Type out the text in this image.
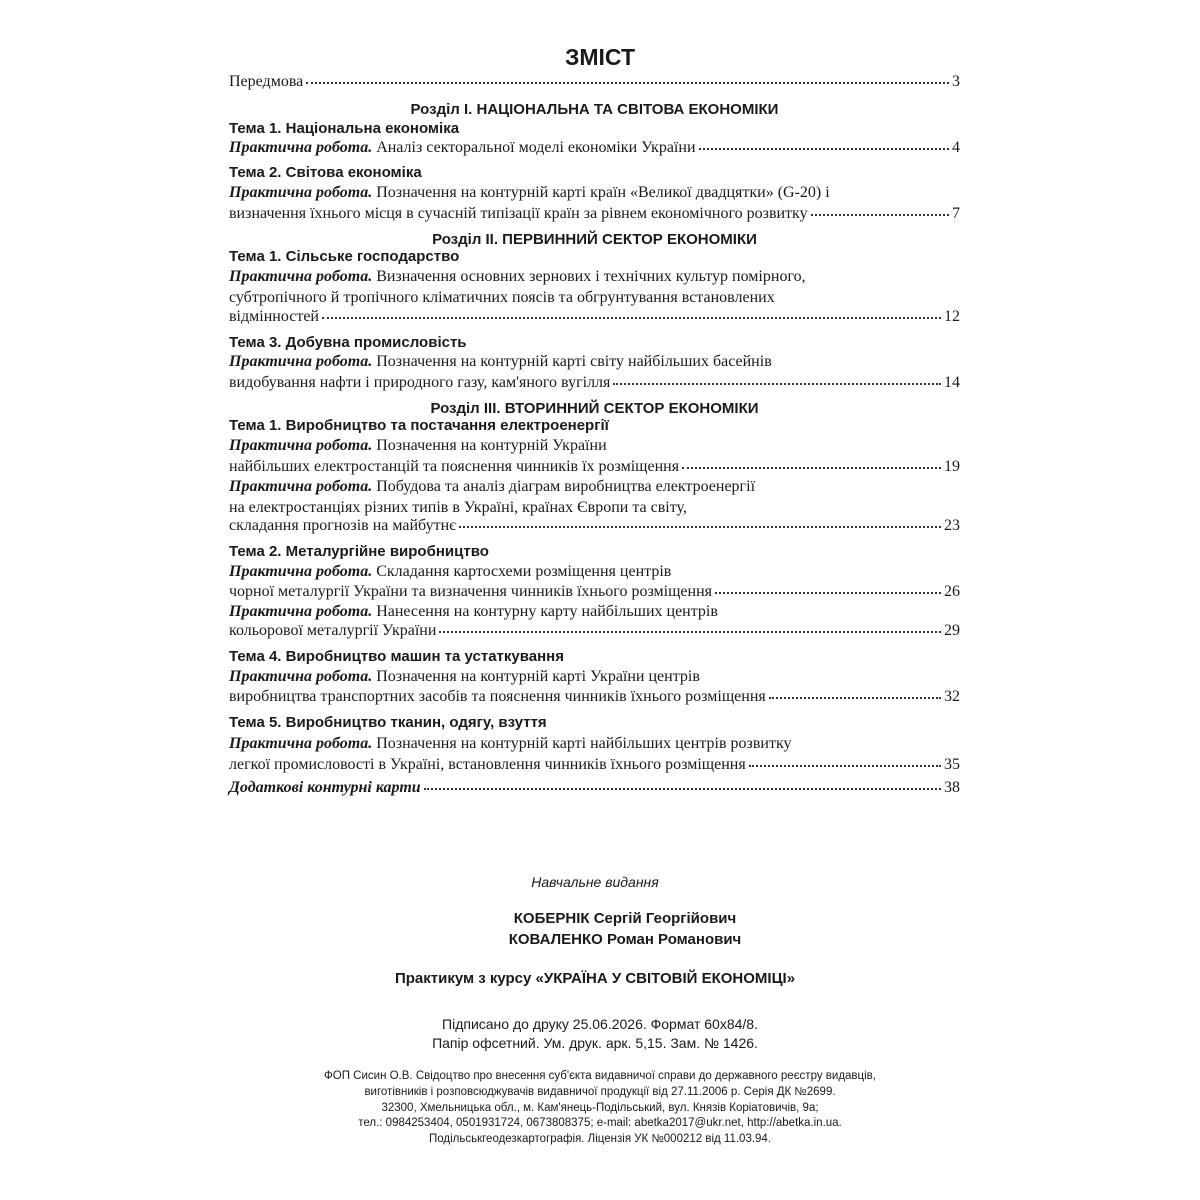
ЗМІСТ
Передмова	3
Розділ І. НАЦІОНАЛЬНА ТА СВІТОВА ЕКОНОМІКИ
Тема 1. Національна економіка
Практична робота. Аналіз секторальної моделі економіки України	4
Тема 2. Світова економіка
Практична робота. Позначення на контурній карті країн «Великої двадцятки» (G-20) і
визначення їхнього місця в сучасній типізації країн за рівнем економічного розвитку	7
Розділ II. ПЕРВИННИЙ СЕКТОР ЕКОНОМІКИ
Тема 1. Сільське господарство
Практична робота. Визначення основних зернових і технічних культур помірного,
субтропічного й тропічного кліматичних поясів та обгрунтування встановлених
відмінностей	12
Тема 3. Добувна промисловість
Практична робота. Позначення на контурній карті світу найбільших басейнів
видобування нафти і природного газу, кам'яного вугілля	14
Розділ III. ВТОРИННИЙ СЕКТОР ЕКОНОМІКИ
Тема 1. Виробництво та постачання електроенергії
Практична робота. Позначення на контурній України
найбільших електростанцій та пояснення чинників їх розміщення	19
Практична робота. Побудова та аналіз діаграм виробництва електроенергії
на електростанціях різних типів в Україні, країнах Європи та світу,
складання прогнозів на майбутнє	23
Тема 2. Металургійне виробництво
Практична робота. Складання картосхеми розміщення центрів
чорної металургії України та визначення чинників їхнього розміщення	26
Практична робота. Нанесення на контурну карту найбільших центрів
кольорової металургії України	29
Тема 4. Виробництво машин та устаткування
Практична робота. Позначення на контурній карті України центрів
виробництва транспортних засобів та пояснення чинників їхнього розміщення	32
Тема 5. Виробництво тканин, одягу, взуття
Практична робота. Позначення на контурній карті найбільших центрів розвитку
легкої промисловості в Україні, встановлення чинників їхнього розміщення	35
Додаткові контурні карти	38
Навчальне видання
КОБЕРНІК Сергій Георгійович
КОВАЛЕНКО Роман Романович
Практикум з курсу «УКРАЇНА У СВІТОВІЙ ЕКОНОМІЦІ»
Підписано до друку 25.06.2026. Формат 60х84/8.
Папір офсетний. Ум. друк. арк. 5,15. Зам. № 1426.
ФОП Сисин О.В. Свідоцтво про внесення суб'єкта видавничої справи до державного реєстру видавців,
виготівників і розповсюджувачів видавничої продукції від 27.11.2006 р. Серія ДК №2699.
32300, Хмельницька обл., м. Кам'янець-Подільський, вул. Князів Коріатовичів, 9а;
тел.: 0984253404, 0501931724, 0673808375; e-mail: abetka2017@ukr.net, http://abetka.in.ua.
Подільськгеодезкартографія. Ліцензія УК №000212 від 11.03.94.
